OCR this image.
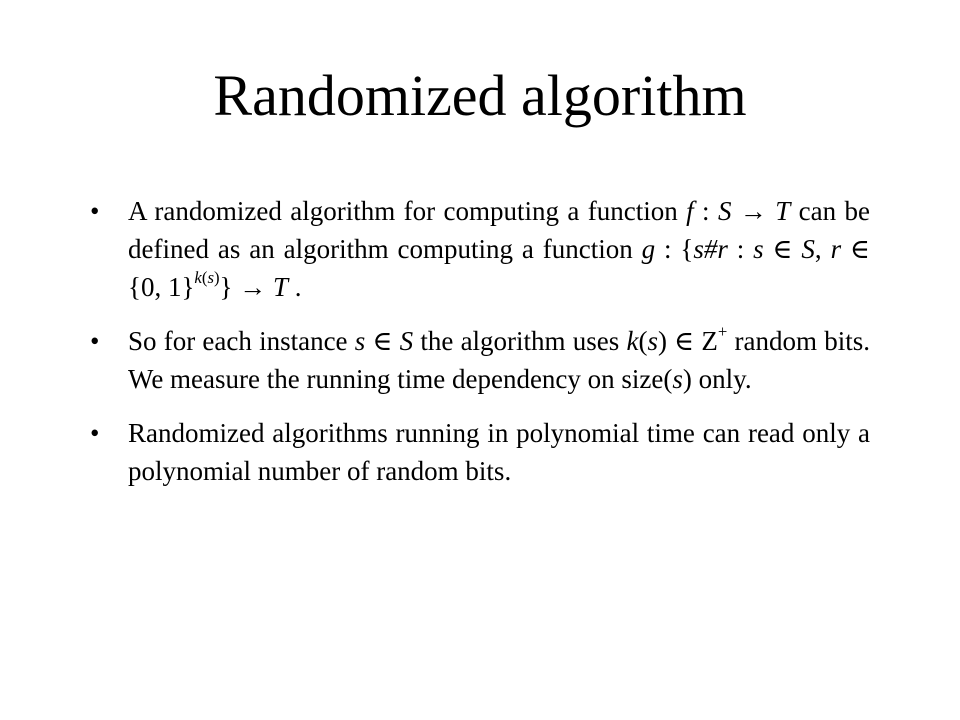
Randomized algorithm
•	A randomized algorithm for computing a function f : S → T can be defined as an algorithm computing a function g : {s#r : s ∈ S, r ∈ {0, 1}$^{k(s)}$} → T .
•	So for each instance s ∈ S the algorithm uses k(s) ∈ Z+ random bits. We measure the running time dependency on size(s) only.
•	Randomized algorithms running in polynomial time can read only a polynomial number of random bits.
